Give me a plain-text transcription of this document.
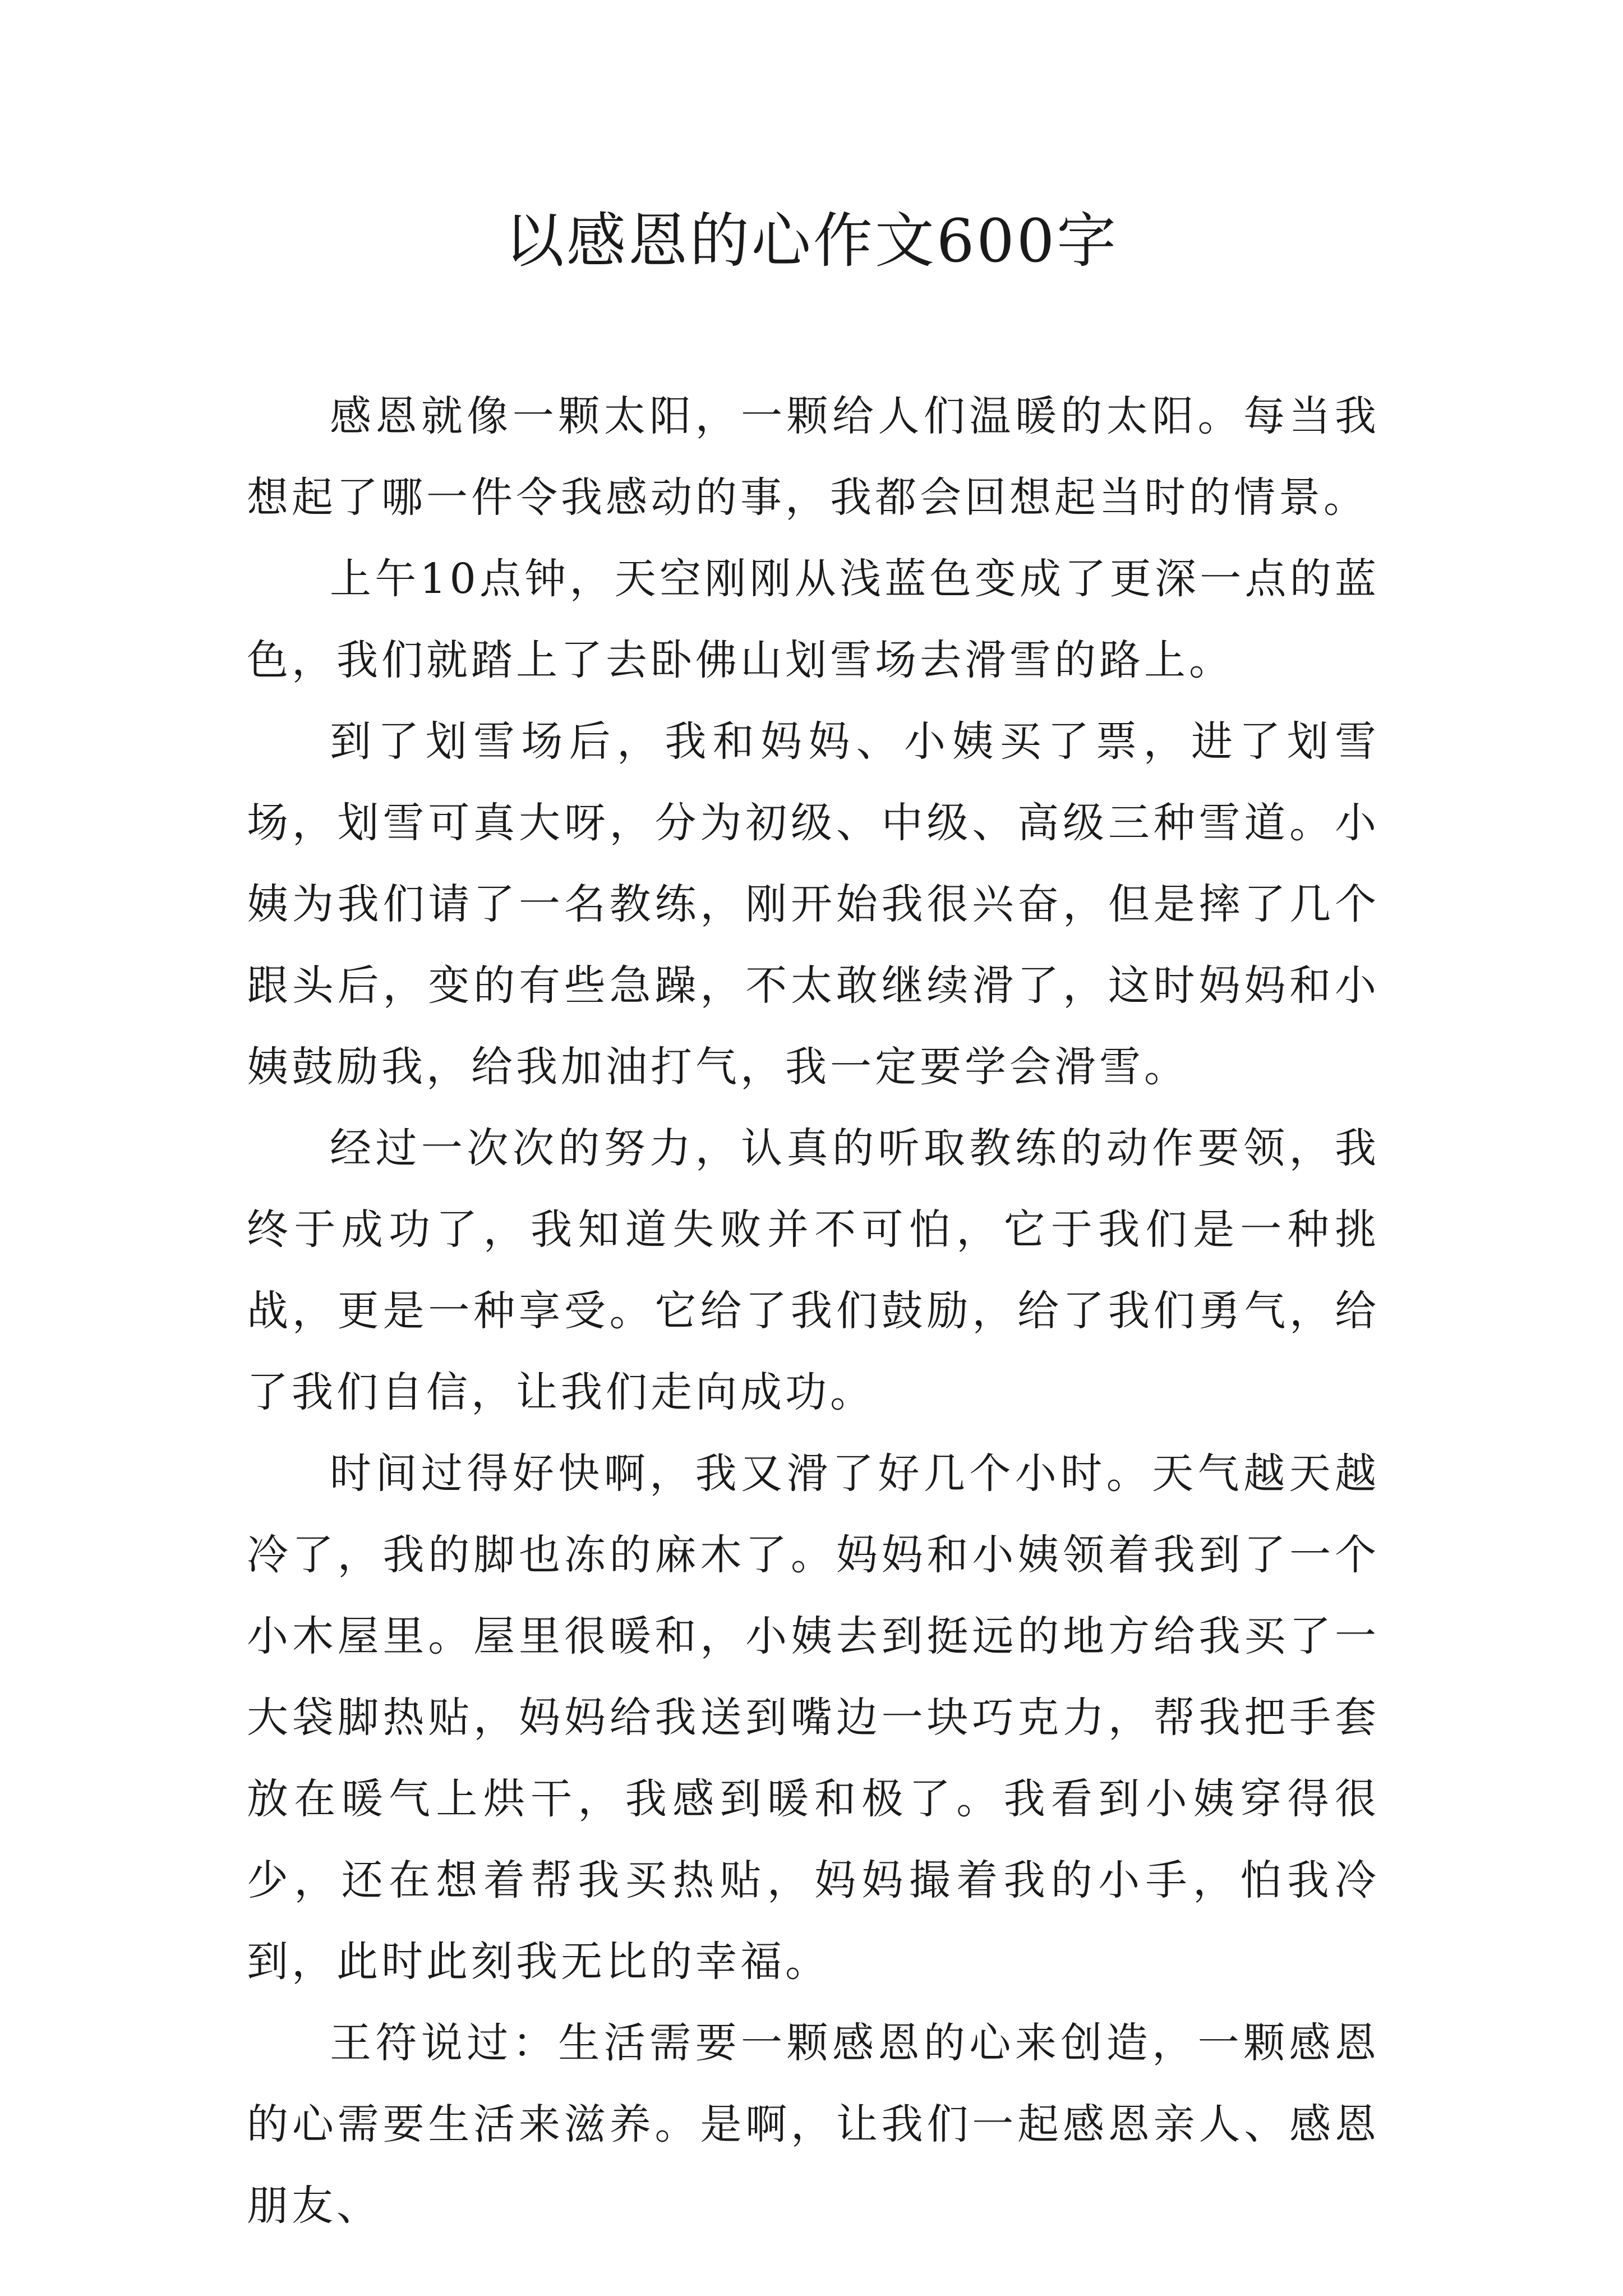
以感恩的心作文600字

感恩就像一颗太阳，一颗给人们温暖的太阳。每当我想起了哪一件令我感动的事，我都会回想起当时的情景。

上午10点钟，天空刚刚从浅蓝色变成了更深一点的蓝色，我们就踏上了去卧佛山划雪场去滑雪的路上。

到了划雪场后，我和妈妈、小姨买了票，进了划雪场，划雪可真大呀，分为初级、中级、高级三种雪道。小姨为我们请了一名教练，刚开始我很兴奋，但是摔了几个跟头后，变的有些急躁，不太敢继续滑了，这时妈妈和小姨鼓励我，给我加油打气，我一定要学会滑雪。

经过一次次的努力，认真的听取教练的动作要领，我终于成功了，我知道失败并不可怕，它于我们是一种挑战，更是一种享受。它给了我们鼓励，给了我们勇气，给了我们自信，让我们走向成功。

时间过得好快啊，我又滑了好几个小时。天气越天越冷了，我的脚也冻的麻木了。妈妈和小姨领着我到了一个小木屋里。屋里很暖和，小姨去到挺远的地方给我买了一大袋脚热贴，妈妈给我送到嘴边一块巧克力，帮我把手套放在暖气上烘干，我感到暖和极了。我看到小姨穿得很少，还在想着帮我买热贴，妈妈撮着我的小手，怕我冷到，此时此刻我无比的幸福。

王符说过：生活需要一颗感恩的心来创造，一颗感恩的心需要生活来滋养。是啊，让我们一起感恩亲人、感恩朋友、
